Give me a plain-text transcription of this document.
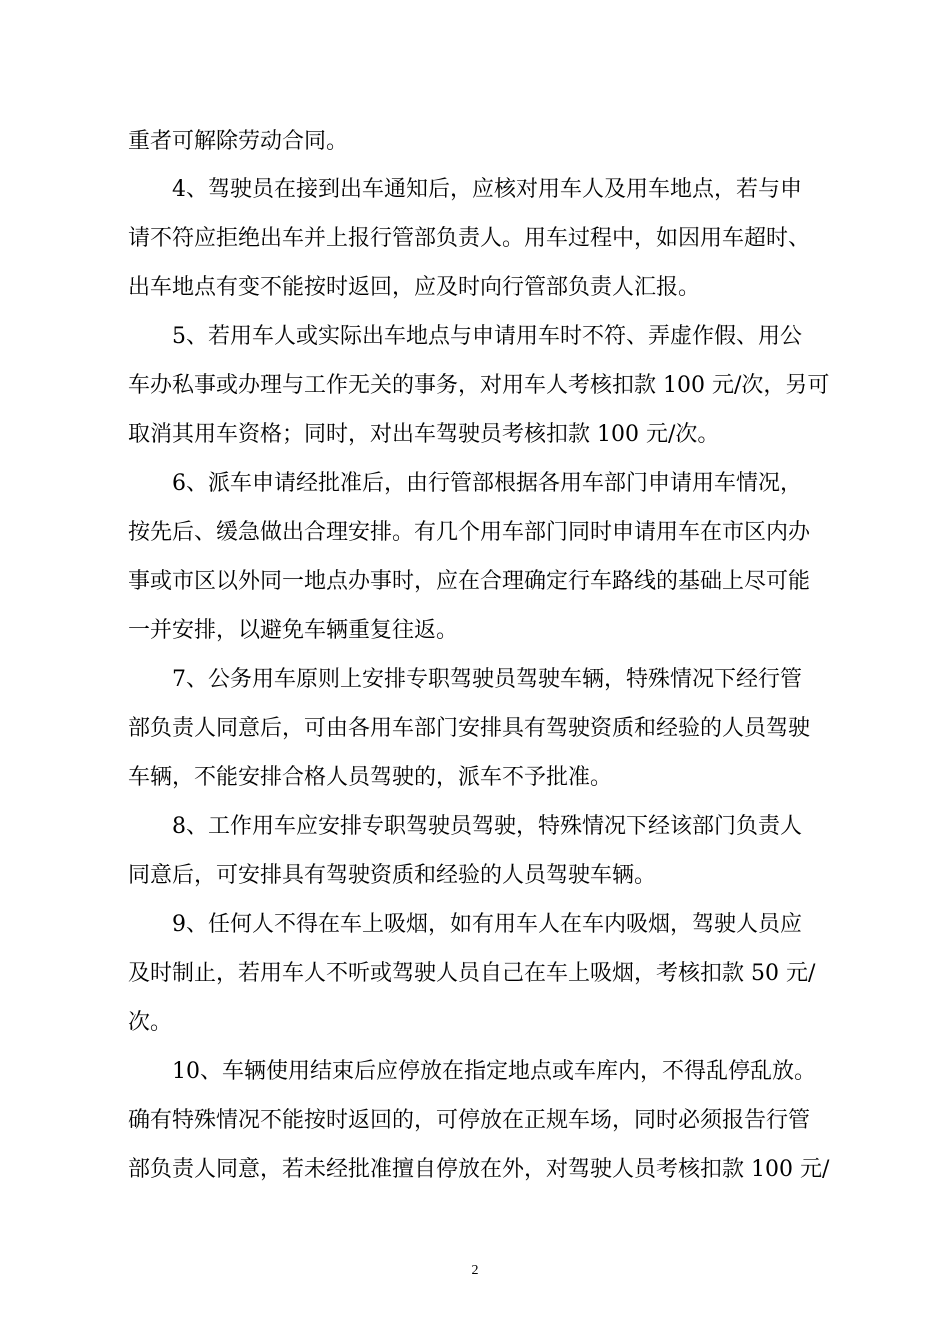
重者可解除劳动合同。
4、驾驶员在接到出车通知后，应核对用车人及用车地点，若与申
请不符应拒绝出车并上报行管部负责人。用车过程中，如因用车超时、
出车地点有变不能按时返回，应及时向行管部负责人汇报。
5、若用车人或实际出车地点与申请用车时不符、弄虚作假、用公
车办私事或办理与工作无关的事务，对用车人考核扣款 100 元/次，另可
取消其用车资格；同时，对出车驾驶员考核扣款 100 元/次。
6、派车申请经批准后，由行管部根据各用车部门申请用车情况，
按先后、缓急做出合理安排。有几个用车部门同时申请用车在市区内办
事或市区以外同一地点办事时，应在合理确定行车路线的基础上尽可能
一并安排，以避免车辆重复往返。
7、公务用车原则上安排专职驾驶员驾驶车辆，特殊情况下经行管
部负责人同意后，可由各用车部门安排具有驾驶资质和经验的人员驾驶
车辆，不能安排合格人员驾驶的，派车不予批准。
8、工作用车应安排专职驾驶员驾驶，特殊情况下经该部门负责人
同意后，可安排具有驾驶资质和经验的人员驾驶车辆。
9、任何人不得在车上吸烟，如有用车人在车内吸烟，驾驶人员应
及时制止，若用车人不听或驾驶人员自己在车上吸烟，考核扣款 50 元/
次。
10、车辆使用结束后应停放在指定地点或车库内，不得乱停乱放。
确有特殊情况不能按时返回的，可停放在正规车场，同时必须报告行管
部负责人同意，若未经批准擅自停放在外，对驾驶人员考核扣款 100 元/
2
